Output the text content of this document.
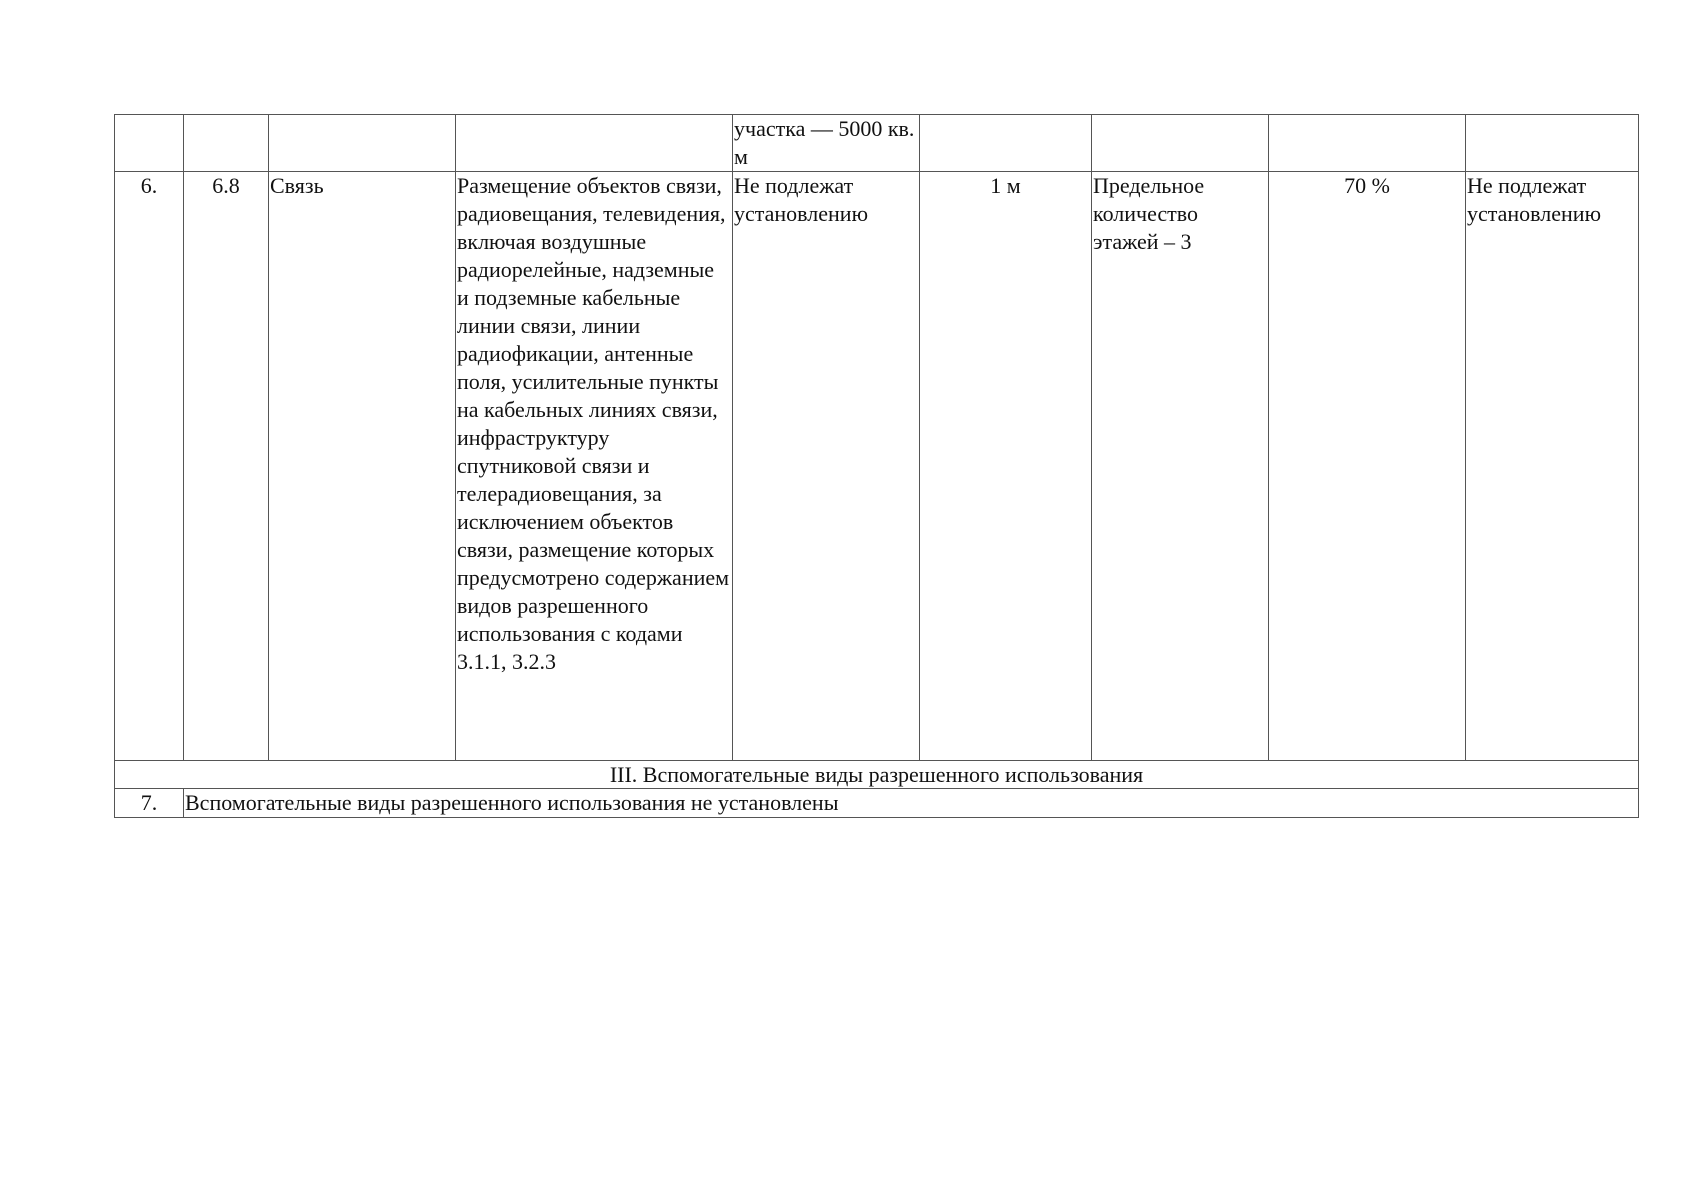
				участка — 5000 кв. м				
6.	6.8	Связь	Размещение объектов связи, радиовещания, телевидения, включая воздушные радиорелейные, надземные и подземные кабельные линии связи, линии радиофикации, антенные поля, усилительные пункты на кабельных линиях связи, инфраструктуру спутниковой связи и телерадиовещания, за исключением объектов связи, размещение которых предусмотрено содержанием видов разрешенного использования с кодами 3.1.1, 3.2.3	Не подлежат установлению	1 м	Предельное количество этажей – 3	70 %	Не подлежат установлению
III. Вспомогательные виды разрешенного использования								
7.	Вспомогательные виды разрешенного использования не установлены							
